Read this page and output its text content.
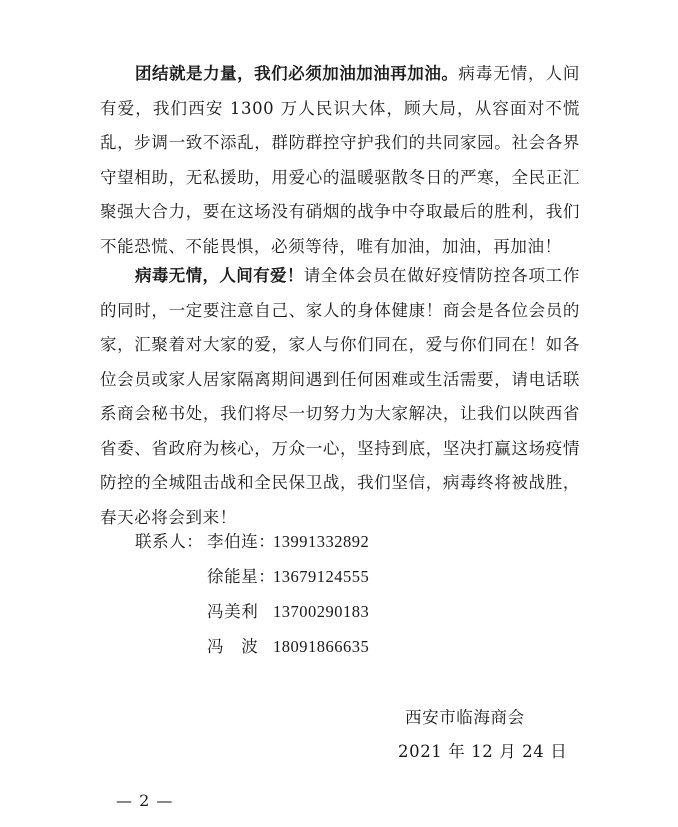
团结就是力量，我们必须加油加油再加油。病毒无情，人间有爱，我们西安 1300 万人民识大体，顾大局，从容面对不慌乱，步调一致不添乱，群防群控守护我们的共同家园。社会各界守望相助，无私援助，用爱心的温暖驱散冬日的严寒，全民正汇聚强大合力，要在这场没有硝烟的战争中夺取最后的胜利，我们不能恐慌、不能畏惧，必须等待，唯有加油，加油，再加油！

病毒无情，人间有爱！请全体会员在做好疫情防控各项工作的同时，一定要注意自己、家人的身体健康！商会是各位会员的家，汇聚着对大家的爱，家人与你们同在，爱与你们同在！如各位会员或家人居家隔离期间遇到任何困难或生活需要，请电话联系商会秘书处，我们将尽一切努力为大家解决，让我们以陕西省省委、省政府为核心，万众一心，坚持到底，坚决打赢这场疫情防控的全城阻击战和全民保卫战，我们坚信，病毒终将被战胜，春天必将会到来！

联系人： 李伯连：13991332892
徐能星：13679124555
冯美利 13700290183
冯　波 18091866635
西安市临海商会
2021 年 12 月 24 日
— 2 —
